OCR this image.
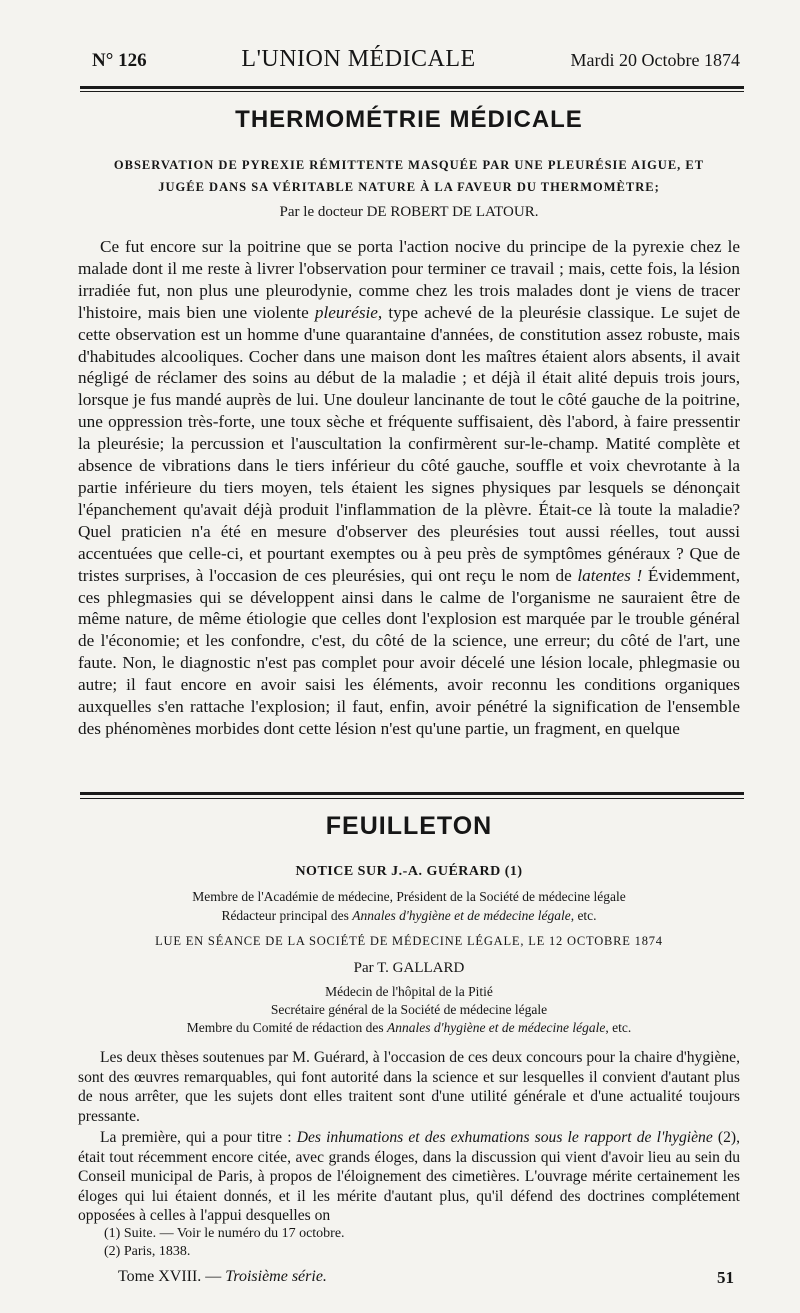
N° 126	L'UNION MÉDICALE	Mardi 20 Octobre 1874
THERMOMÉTRIE MÉDICALE
OBSERVATION DE PYREXIE RÉMITTENTE MASQUÉE PAR UNE PLEURÉSIE AIGUE, ET
JUGÉE DANS SA VÉRITABLE NATURE À LA FAVEUR DU THERMOMÈTRE;
Par le docteur DE ROBERT DE LATOUR.
Ce fut encore sur la poitrine que se porta l'action nocive du principe de la pyrexie chez le malade dont il me reste à livrer l'observation pour terminer ce travail ; mais, cette fois, la lésion irradiée fut, non plus une pleurodynie, comme chez les trois malades dont je viens de tracer l'histoire, mais bien une violente pleurésie, type achevé de la pleurésie classique. Le sujet de cette observation est un homme d'une quarantaine d'années, de constitution assez robuste, mais d'habitudes alcooliques. Cocher dans une maison dont les maîtres étaient alors absents, il avait négligé de réclamer des soins au début de la maladie ; et déjà il était alité depuis trois jours, lorsque je fus mandé auprès de lui. Une douleur lancinante de tout le côté gauche de la poitrine, une oppression très-forte, une toux sèche et fréquente suffisaient, dès l'abord, à faire pressentir la pleurésie; la percussion et l'auscultation la confirmèrent sur-le-champ. Matité complète et absence de vibrations dans le tiers inférieur du côté gauche, souffle et voix chevrotante à la partie inférieure du tiers moyen, tels étaient les signes physiques par lesquels se dénonçait l'épanchement qu'avait déjà produit l'inflammation de la plèvre. Était-ce là toute la maladie? Quel praticien n'a été en mesure d'observer des pleurésies tout aussi réelles, tout aussi accentuées que celle-ci, et pourtant exemptes ou à peu près de symptômes généraux ? Que de tristes surprises, à l'occasion de ces pleurésies, qui ont reçu le nom de latentes ! Évidemment, ces phlegmasies qui se développent ainsi dans le calme de l'organisme ne sauraient être de même nature, de même étiologie que celles dont l'explosion est marquée par le trouble général de l'économie; et les confondre, c'est, du côté de la science, une erreur; du côté de l'art, une faute. Non, le diagnostic n'est pas complet pour avoir décelé une lésion locale, phlegmasie ou autre; il faut encore en avoir saisi les éléments, avoir reconnu les conditions organiques auxquelles s'en rattache l'explosion; il faut, enfin, avoir pénétré la signification de l'ensemble des phénomènes morbides dont cette lésion n'est qu'une partie, un fragment, en quelque
FEUILLETON
NOTICE SUR J.-A. GUÉRARD (1)
Membre de l'Académie de médecine, Président de la Société de médecine légale
Rédacteur principal des Annales d'hygiène et de médecine légale, etc.
LUE EN SÉANCE DE LA SOCIÉTÉ DE MÉDECINE LÉGALE, LE 12 OCTOBRE 1874
Par T. GALLARD
Médecin de l'hôpital de la Pitié
Secrétaire général de la Société de médecine légale
Membre du Comité de rédaction des Annales d'hygiène et de médecine légale, etc.
Les deux thèses soutenues par M. Guérard, à l'occasion de ces deux concours pour la chaire d'hygiène, sont des œuvres remarquables, qui font autorité dans la science et sur lesquelles il convient d'autant plus de nous arrêter, que les sujets dont elles traitent sont d'une utilité générale et d'une actualité toujours pressante.
La première, qui a pour titre : Des inhumations et des exhumations sous le rapport de l'hygiène (2), était tout récemment encore citée, avec grands éloges, dans la discussion qui vient d'avoir lieu au sein du Conseil municipal de Paris, à propos de l'éloignement des cimetières. L'ouvrage mérite certainement les éloges qui lui étaient donnés, et il les mérite d'autant plus, qu'il défend des doctrines complétement opposées à celles à l'appui desquelles on
(1) Suite. — Voir le numéro du 17 octobre.
(2) Paris, 1838.
Tome XVIII. — Troisième série.	51
